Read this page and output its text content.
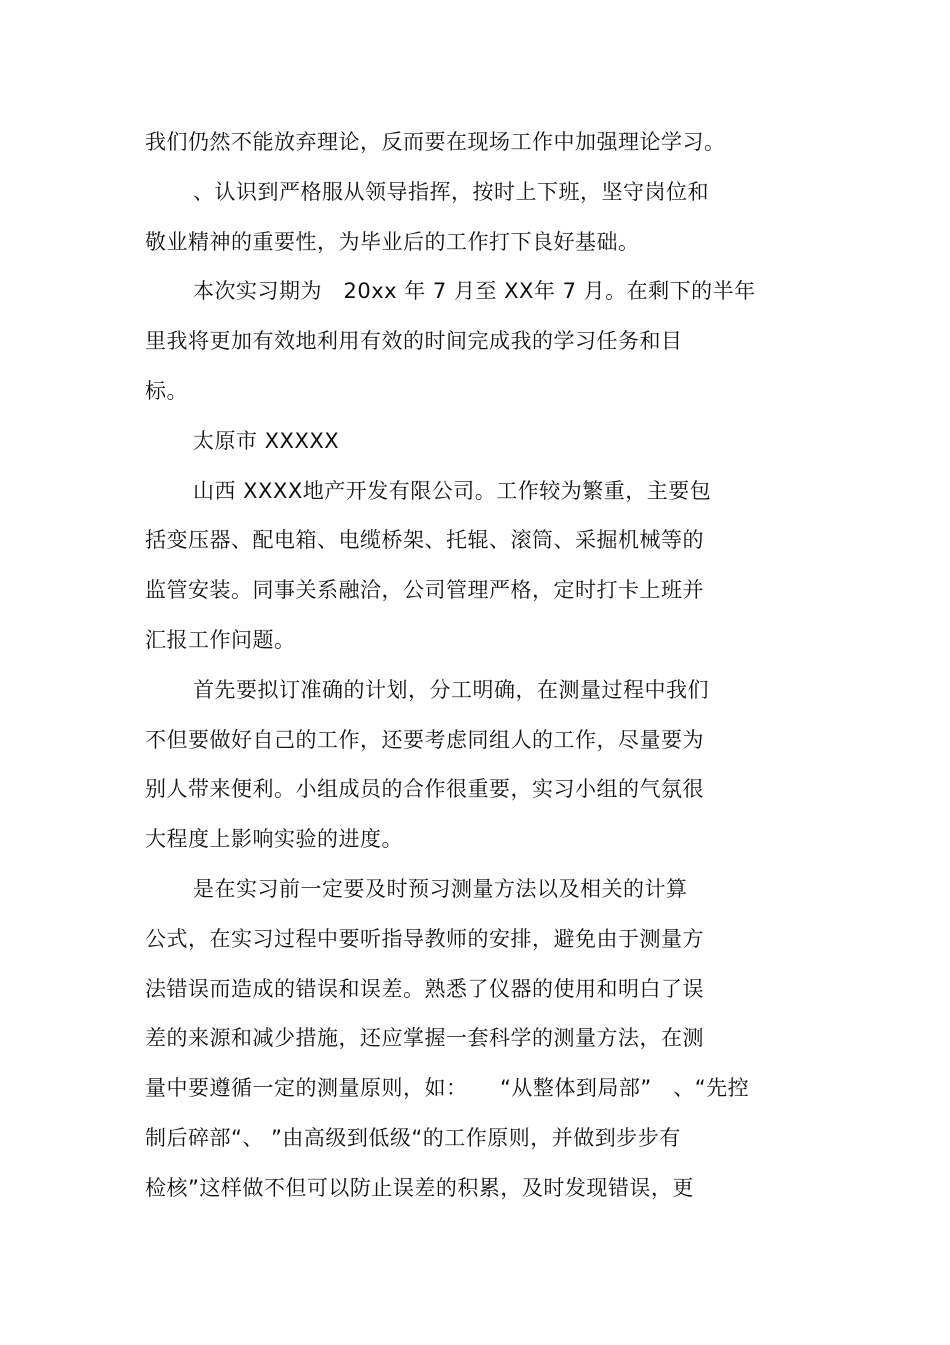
我们仍然不能放弃理论，反而要在现场工作中加强理论学习。
、认识到严格服从领导指挥，按时上下班，坚守岗位和
敬业精神的重要性，为毕业后的工作打下良好基础。
本次实习期为　20xx 年 7 月至 XX年 7 月。在剩下的半年
里我将更加有效地利用有效的时间完成我的学习任务和目
标。
太原市 XXXXX
山西 XXXX地产开发有限公司。工作较为繁重，主要包
括变压器、配电箱、电缆桥架、托辊、滚筒、采掘机械等的
监管安装。同事关系融洽，公司管理严格，定时打卡上班并
汇报工作问题。
首先要拟订准确的计划，分工明确，在测量过程中我们
不但要做好自己的工作，还要考虑同组人的工作，尽量要为
别人带来便利。小组成员的合作很重要，实习小组的气氛很
大程度上影响实验的进度。
是在实习前一定要及时预习测量方法以及相关的计算
公式，在实习过程中要听指导教师的安排，避免由于测量方
法错误而造成的错误和误差。熟悉了仪器的使用和明白了误
差的来源和减少措施，还应掌握一套科学的测量方法，在测
量中要遵循一定的测量原则，如：　　“从整体到局部”　、“先控
制后碎部“、 ”由高级到低级“的工作原则，并做到步步有
检核”这样做不但可以防止误差的积累，及时发现错误，更
